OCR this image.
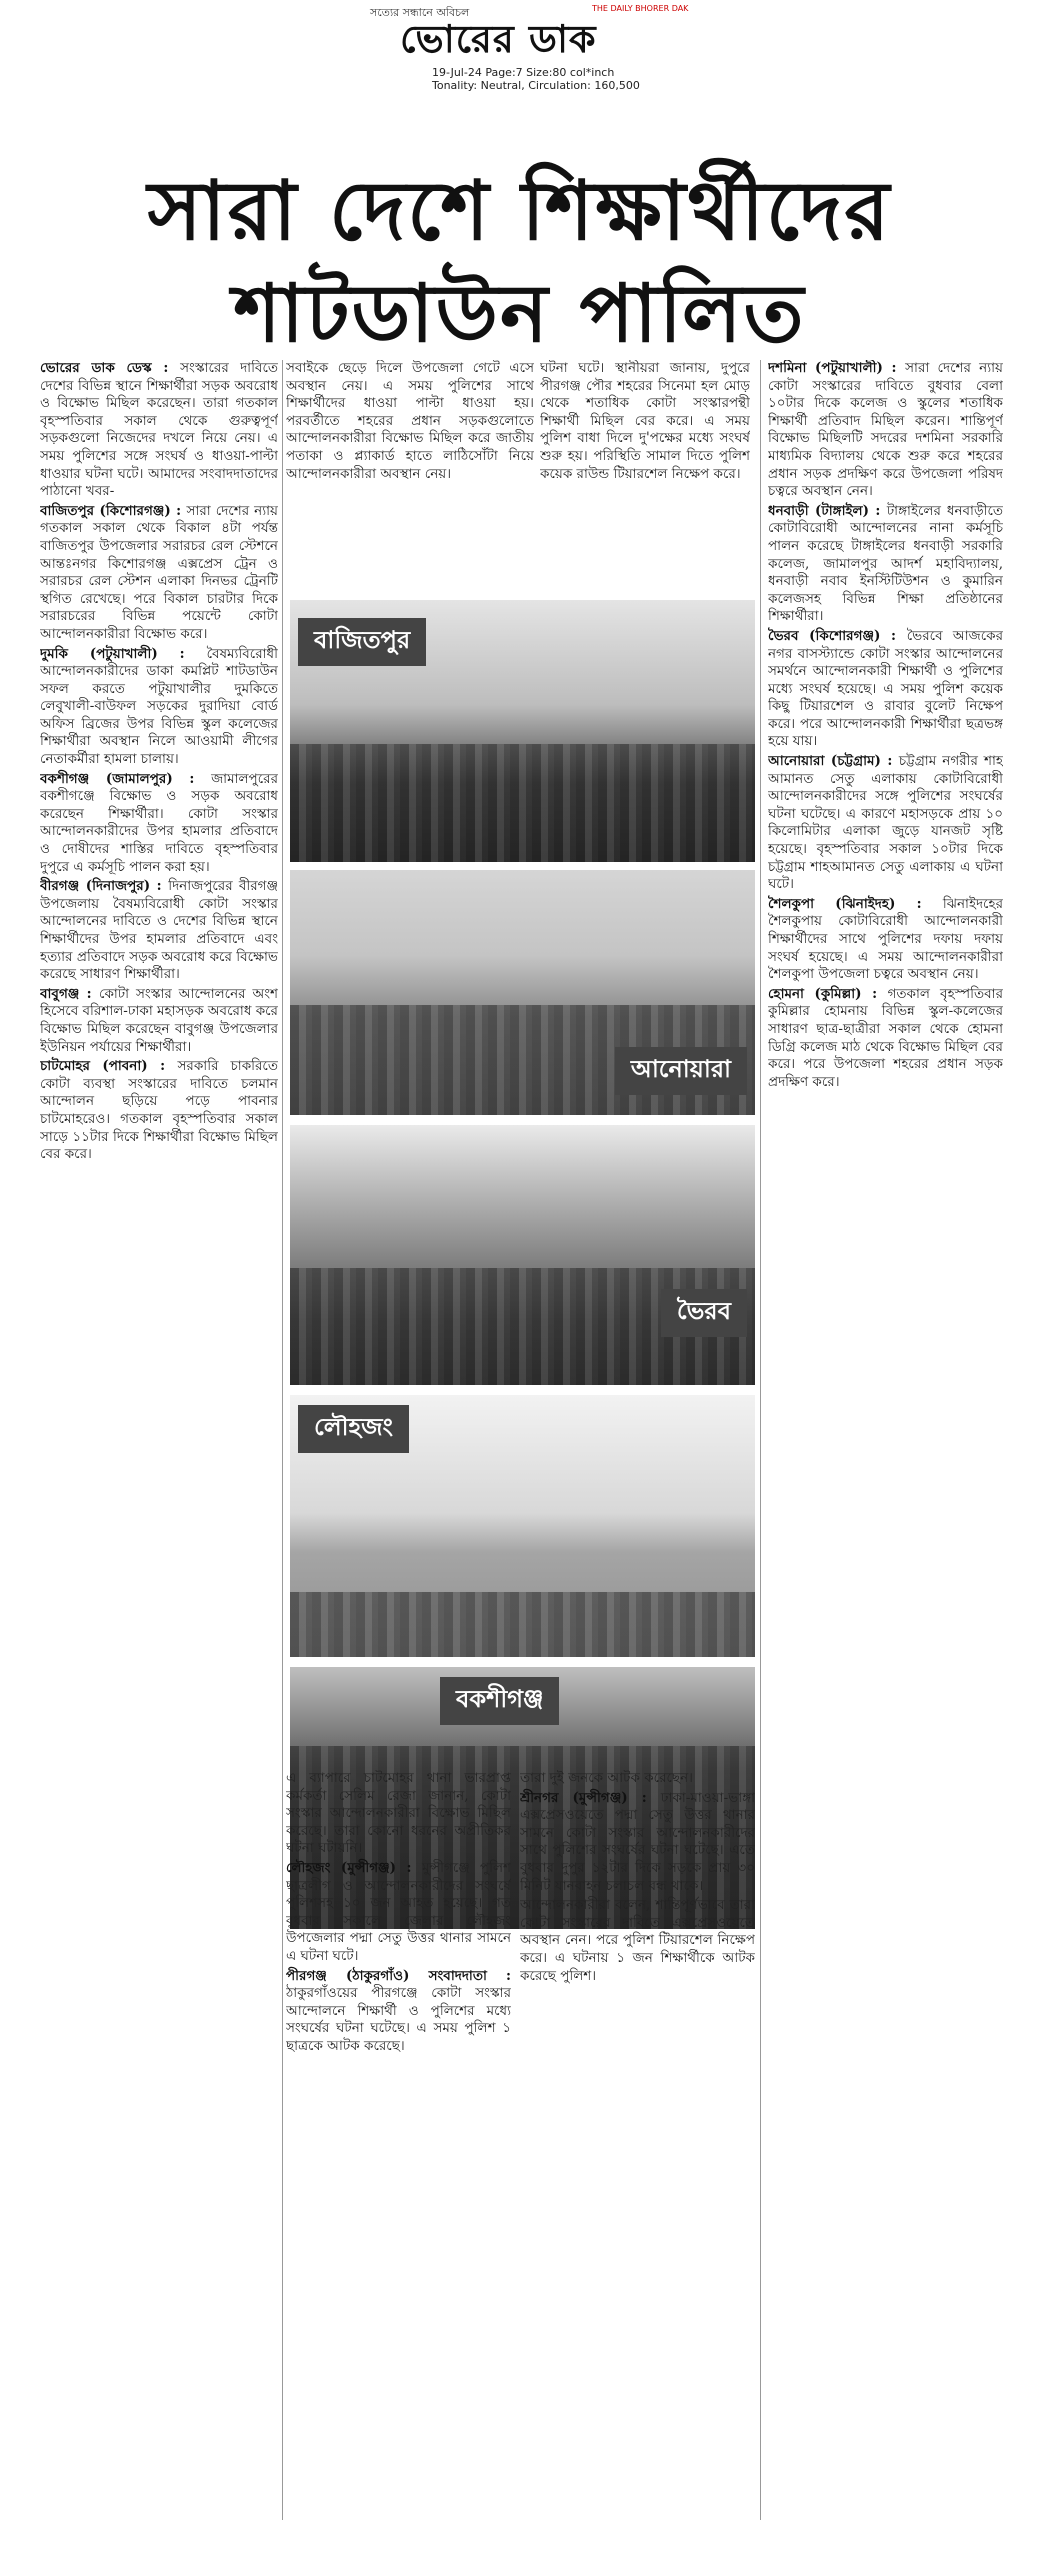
সত্যের সন্ধানে অবিচল	THE DAILY BHORER DAK
ভোরের ডাক
19-Jul-24 Page:7 Size:80 col*inch
Tonality: Neutral, Circulation: 160,500
সারা দেশে শিক্ষার্থীদের
শাটডাউন পালিত

ভোরের ডাক ডেস্ক : সংস্কারের দাবিতে দেশের বিভিন্ন স্থানে শিক্ষার্থীরা সড়ক অবরোধ ও বিক্ষোভ মিছিল করেছেন। তারা গতকাল বৃহস্পতিবার সকাল থেকে গুরুত্বপূর্ণ সড়কগুলো নিজেদের দখলে নিয়ে নেয়। এ সময় পুলিশের সঙ্গে সংঘর্ষ ও ধাওয়া-পাল্টা ধাওয়ার ঘটনা ঘটে। আমাদের সংবাদদাতাদের পাঠানো খবর-

বাজিতপুর (কিশোরগঞ্জ) : সারা দেশের ন্যায় গতকাল সকাল থেকে বিকাল ৪টা পর্যন্ত বাজিতপুর উপজেলার সরারচর রেল স্টেশনে আন্তঃনগর কিশোরগঞ্জ এক্সপ্রেস ট্রেন ও সরারচর রেল স্টেশন এলাকা দিনভর ট্রেনটি স্থগিত রেখেছে। পরে বিকাল চারটার দিকে সরারচরের বিভিন্ন পয়েন্টে কোটা আন্দোলনকারীরা বিক্ষোভ করে।

দুমকি (পটুয়াখালী) : বৈষম্যবিরোধী আন্দোলনকারীদের ডাকা কমপ্লিট শাটডাউন সফল করতে পটুয়াখালীর দুমকিতে লেবুখালী-বাউফল সড়কের দুরাদিয়া বোর্ড অফিস ব্রিজের উপর বিভিন্ন স্কুল কলেজের শিক্ষার্থীরা অবস্থান নিলে আওয়ামী লীগের নেতাকর্মীরা হামলা চালায়।

বকশীগঞ্জ (জামালপুর) : জামালপুরের বকশীগঞ্জে বিক্ষোভ ও সড়ক অবরোধ করেছেন শিক্ষার্থীরা। কোটা সংস্কার আন্দোলনকারীদের উপর হামলার প্রতিবাদে ও দোষীদের শাস্তির দাবিতে বৃহস্পতিবার দুপুরে এ কর্মসূচি পালন করা হয়।

বীরগঞ্জ (দিনাজপুর) : দিনাজপুরের বীরগঞ্জ উপজেলায় বৈষম্যবিরোধী কোটা সংস্কার আন্দোলনের দাবিতে ও দেশের বিভিন্ন স্থানে শিক্ষার্থীদের উপর হামলার প্রতিবাদে এবং হত্যার প্রতিবাদে সড়ক অবরোধ করে বিক্ষোভ করেছে সাধারণ শিক্ষার্থীরা।

বাবুগঞ্জ : কোটা সংস্কার আন্দোলনের অংশ হিসেবে বরিশাল-ঢাকা মহাসড়ক অবরোধ করে বিক্ষোভ মিছিল করেছেন বাবুগঞ্জ উপজেলার ইউনিয়ন পর্যায়ের শিক্ষার্থীরা।

চাটমোহর (পাবনা) : সরকারি চাকরিতে কোটা ব্যবস্থা সংস্কারের দাবিতে চলমান আন্দোলন ছড়িয়ে পড়ে পাবনার চাটমোহরেও। গতকাল বৃহস্পতিবার সকাল সাড়ে ১১টার দিকে শিক্ষার্থীরা বিক্ষোভ মিছিল বের করে।

সবাইকে ছেড়ে দিলে উপজেলা গেটে এসে অবস্থান নেয়। এ সময় পুলিশের সাথে শিক্ষার্থীদের ধাওয়া পাল্টা ধাওয়া হয়। পরবর্তীতে শহরের প্রধান সড়কগুলোতে আন্দোলনকারীরা বিক্ষোভ মিছিল করে জাতীয় পতাকা ও প্ল্যাকার্ড হাতে লাঠিসোঁটা নিয়ে আন্দোলনকারীরা অবস্থান নেয়।

ঘটনা ঘটে। স্থানীয়রা জানায়, দুপুরে পীরগঞ্জ পৌর শহরের সিনেমা হল মোড় থেকে শতাধিক কোটা সংস্কারপন্থী শিক্ষার্থী মিছিল বের করে। এ সময় পুলিশ বাধা দিলে দু'পক্ষের মধ্যে সংঘর্ষ শুরু হয়। পরিস্থিতি সামাল দিতে পুলিশ কয়েক রাউন্ড টিয়ারশেল নিক্ষেপ করে।

দশমিনা (পটুয়াখালী) : সারা দেশের ন্যায় কোটা সংস্কারের দাবিতে বুধবার বেলা ১০টার দিকে কলেজ ও স্কুলের শতাধিক শিক্ষার্থী প্রতিবাদ মিছিল করেন। শান্তিপূর্ণ বিক্ষোভ মিছিলটি সদরের দশমিনা সরকারি মাধ্যমিক বিদ্যালয় থেকে শুরু করে শহরের প্রধান সড়ক প্রদক্ষিণ করে উপজেলা পরিষদ চত্বরে অবস্থান নেন।

ধনবাড়ী (টাঙ্গাইল) : টাঙ্গাইলের ধনবাড়ীতে কোটাবিরোধী আন্দোলনের নানা কর্মসূচি পালন করেছে টাঙ্গাইলের ধনবাড়ী সরকারি কলেজ, জামালপুর আদর্শ মহাবিদ্যালয়, ধনবাড়ী নবাব ইনস্টিটিউশন ও কুমারিন কলেজসহ বিভিন্ন শিক্ষা প্রতিষ্ঠানের শিক্ষার্থীরা।

ভৈরব (কিশোরগঞ্জ) : ভৈরবে আজকের নগর বাসস্ট্যান্ডে কোটা সংস্কার আন্দোলনের সমর্থনে আন্দোলনকারী শিক্ষার্থী ও পুলিশের মধ্যে সংঘর্ষ হয়েছে। এ সময় পুলিশ কয়েক কিছু টিয়ারশেল ও রাবার বুলেট নিক্ষেপ করে। পরে আন্দোলনকারী শিক্ষার্থীরা ছত্রভঙ্গ হয়ে যায়।

আনোয়ারা (চট্টগ্রাম) : চট্টগ্রাম নগরীর শাহ আমানত সেতু এলাকায় কোটাবিরোধী আন্দোলনকারীদের সঙ্গে পুলিশের সংঘর্ষের ঘটনা ঘটেছে। এ কারণে মহাসড়কে প্রায় ১০ কিলোমিটার এলাকা জুড়ে যানজট সৃষ্টি হয়েছে। বৃহস্পতিবার সকাল ১০টার দিকে চট্টগ্রাম শাহআমানত সেতু এলাকায় এ ঘটনা ঘটে।

শৈলকুপা (ঝিনাইদহ) : ঝিনাইদহের শৈলকুপায় কোটাবিরোধী আন্দোলনকারী শিক্ষার্থীদের সাথে পুলিশের দফায় দফায় সংঘর্ষ হয়েছে। এ সময় আন্দোলনকারীরা শৈলকুপা উপজেলা চত্বরে অবস্থান নেয়।

হোমনা (কুমিল্লা) : গতকাল বৃহস্পতিবার কুমিল্লার হোমনায় বিভিন্ন স্কুল-কলেজের সাধারণ ছাত্র-ছাত্রীরা সকাল থেকে হোমনা ডিগ্রি কলেজ মাঠ থেকে বিক্ষোভ মিছিল বের করে। পরে উপজেলা শহরের প্রধান সড়ক প্রদক্ষিণ করে।

বাজিতপুর
আনোয়ারা
ভৈরব
লৌহজং
বকশীগঞ্জ

এ ব্যাপারে চাটমোহর থানা ভারপ্রাপ্ত কর্মকর্তা সেলিম রেজা জানান, কোটা সংস্কার আন্দোলনকারীরা বিক্ষোভ মিছিল করেছে। তারা কোনো ধরনের অপ্রীতিকর ঘটনা ঘটায়নি।

লৌহজং (মুন্সীগঞ্জ) : মুন্সীগঞ্জে পুলিশ ছাত্রলীগ ও আন্দোলনকারীদের সংঘর্ষে পুলিশসহ ১০ জন আহত হয়েছে। গত বুধবার সকালে জেলার লৌহজং উপজেলার পদ্মা সেতু উত্তর থানার সামনে এ ঘটনা ঘটে।

পীরগঞ্জ (ঠাকুরগাঁও) সংবাদদাতা : ঠাকুরগাঁওয়ের পীরগঞ্জে কোটা সংস্কার আন্দোলনে শিক্ষার্থী ও পুলিশের মধ্যে সংঘর্ষের ঘটনা ঘটেছে। এ সময় পুলিশ ১ ছাত্রকে আটক করেছে।

তারা দুই জনকে আটক করেছেন।

শ্রীনগর (মুন্সীগঞ্জ) : ঢাকা-মাওয়া-ভাঙ্গা এক্সপ্রেসওয়েতে পদ্মা সেতু উত্তর থানার সামনে কোটা সংস্কার আন্দোলনকারীদের সাথে পুলিশের সংঘর্ষের ঘটনা ঘটেছে। এতে বুধবার দুপুর ১২টার দিকে সড়কে প্রায় ৩০ মিনিট যানবাহন চলাচল বন্ধ থাকে।

আন্দোলনকারীরা বলেন, শান্তিপূর্ণভাবে তারা কোটা সংস্কারের দাবিতে এক্সপ্রেসওয়েতে অবস্থান নেন। পরে পুলিশ টিয়ারশেল নিক্ষেপ করে। এ ঘটনায় ১ জন শিক্ষার্থীকে আটক করেছে পুলিশ।
